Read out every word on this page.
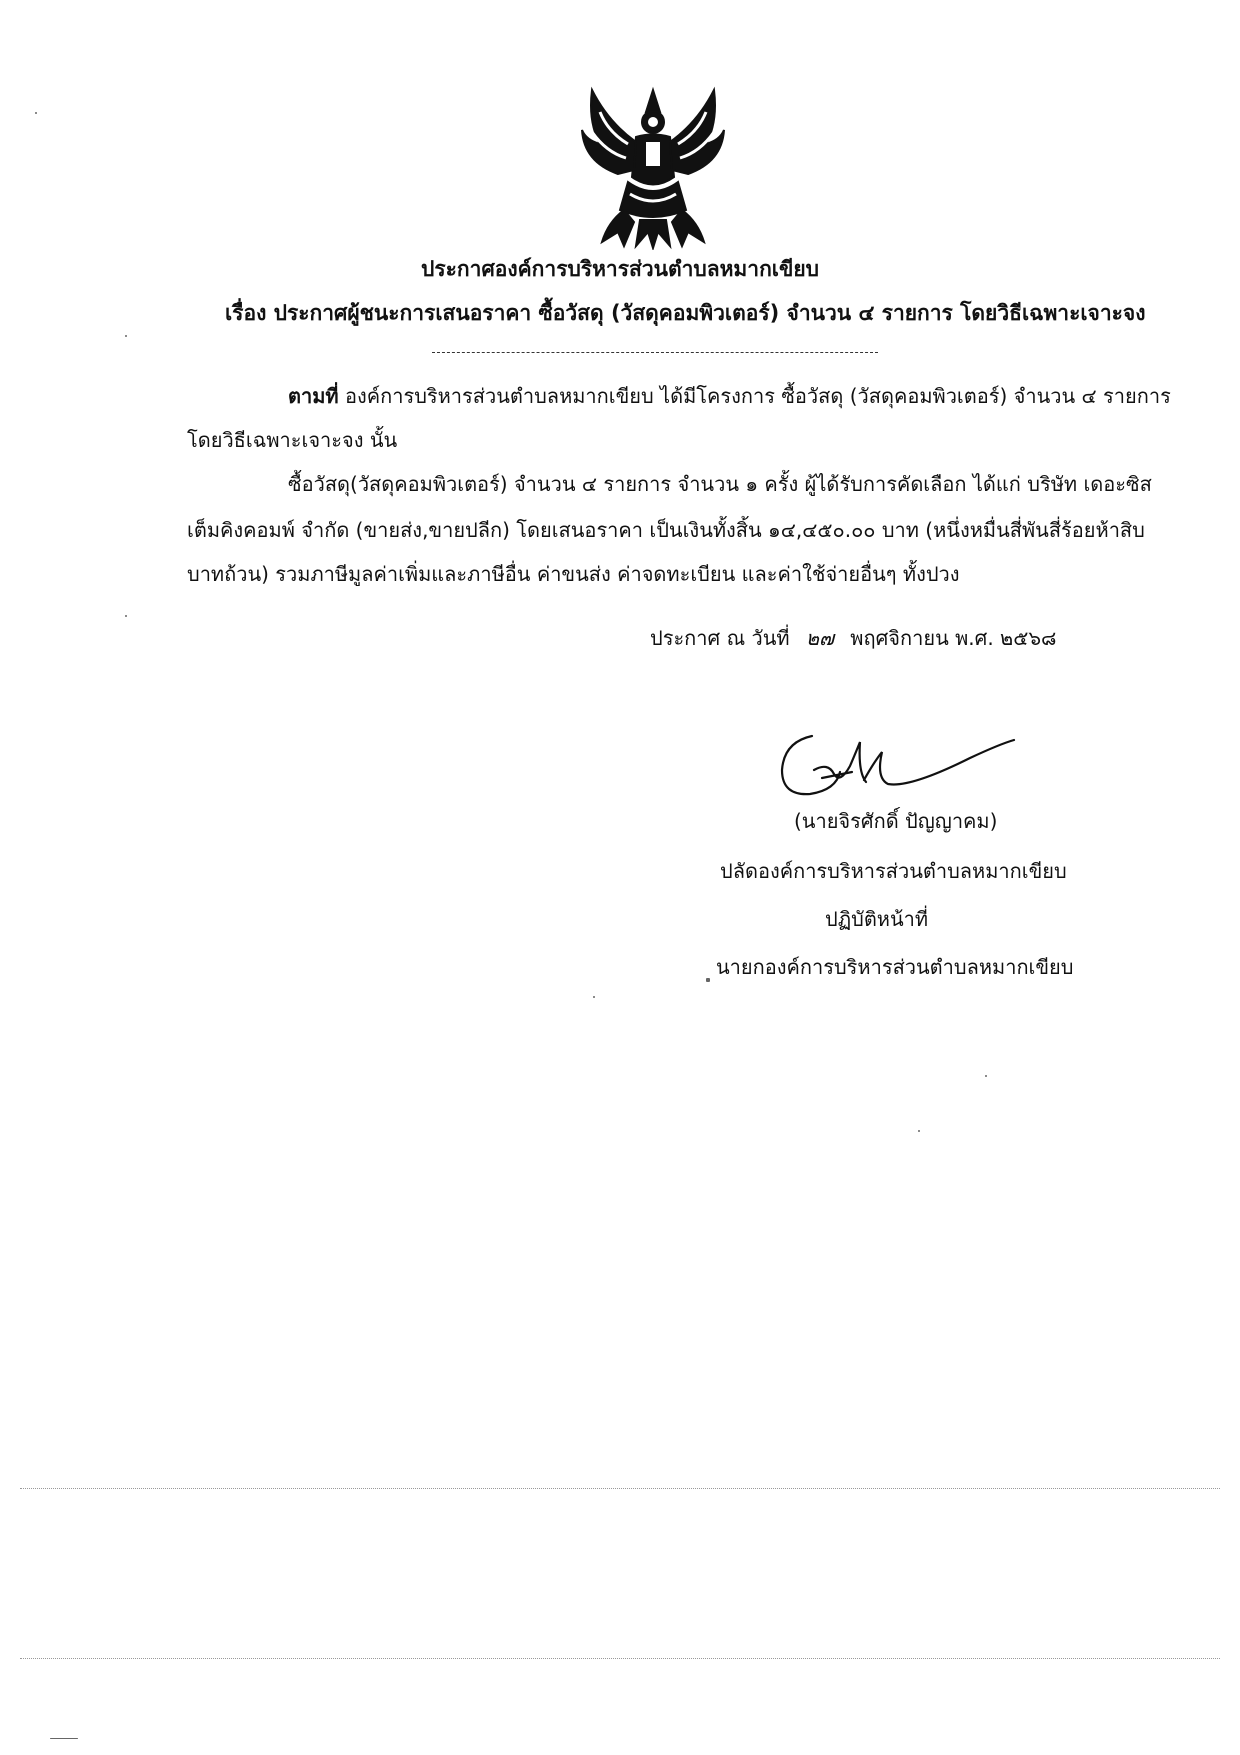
ประกาศองค์การบริหารส่วนตำบลหมากเขียบ
เรื่อง ประกาศผู้ชนะการเสนอราคา ซื้อวัสดุ (วัสดุคอมพิวเตอร์) จำนวน ๔ รายการ โดยวิธีเฉพาะเจาะจง
ตามที่ องค์การบริหารส่วนตำบลหมากเขียบ ได้มีโครงการ ซื้อวัสดุ (วัสดุคอมพิวเตอร์) จำนวน ๔ รายการ
โดยวิธีเฉพาะเจาะจง นั้น
ซื้อวัสดุ(วัสดุคอมพิวเตอร์) จำนวน ๔ รายการ จำนวน ๑ ครั้ง ผู้ได้รับการคัดเลือก ได้แก่ บริษัท เดอะซิส
เต็มคิงคอมพ์ จำกัด (ขายส่ง,ขายปลีก) โดยเสนอราคา เป็นเงินทั้งสิ้น ๑๔,๔๕๐.๐๐ บาท (หนึ่งหมื่นสี่พันสี่ร้อยห้าสิบ
บาทถ้วน) รวมภาษีมูลค่าเพิ่มและภาษีอื่น ค่าขนส่ง ค่าจดทะเบียน และค่าใช้จ่ายอื่นๆ ทั้งปวง
ประกาศ ณ วันที่ ๒๗ พฤศจิกายน พ.ศ. ๒๕๖๘
(นายจิรศักดิ์ ปัญญาคม)
ปลัดองค์การบริหารส่วนตำบลหมากเขียบ
ปฏิบัติหน้าที่
นายกองค์การบริหารส่วนตำบลหมากเขียบ
